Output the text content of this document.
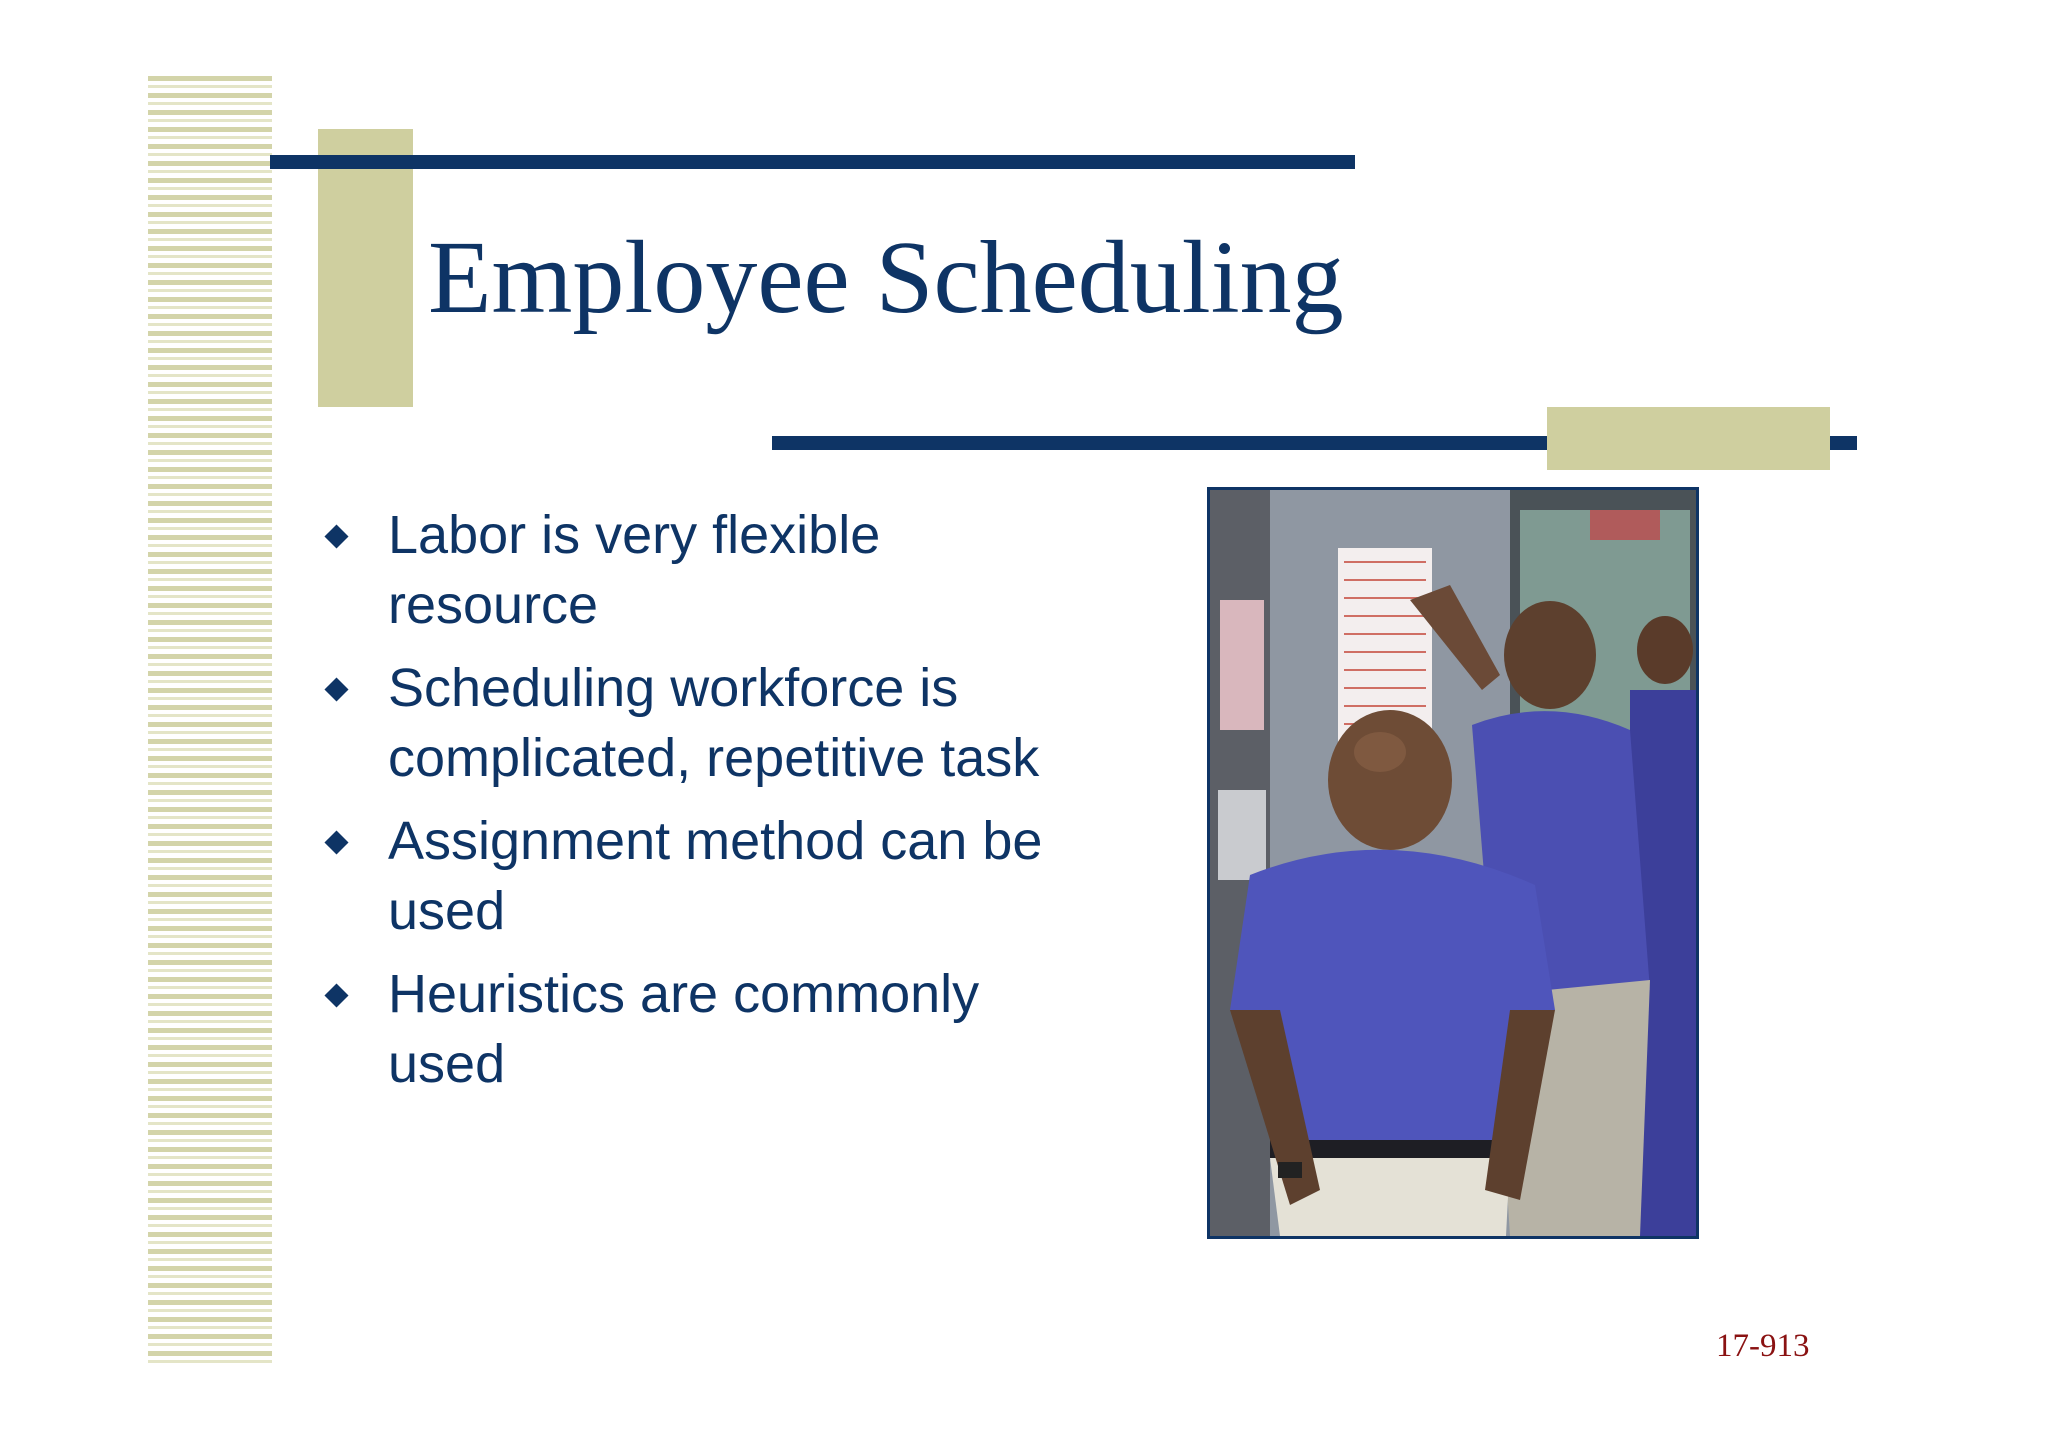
Employee Scheduling
Labor is very flexible resource
Scheduling workforce is complicated, repetitive task
Assignment method can be used
Heuristics are commonly used
17-913
